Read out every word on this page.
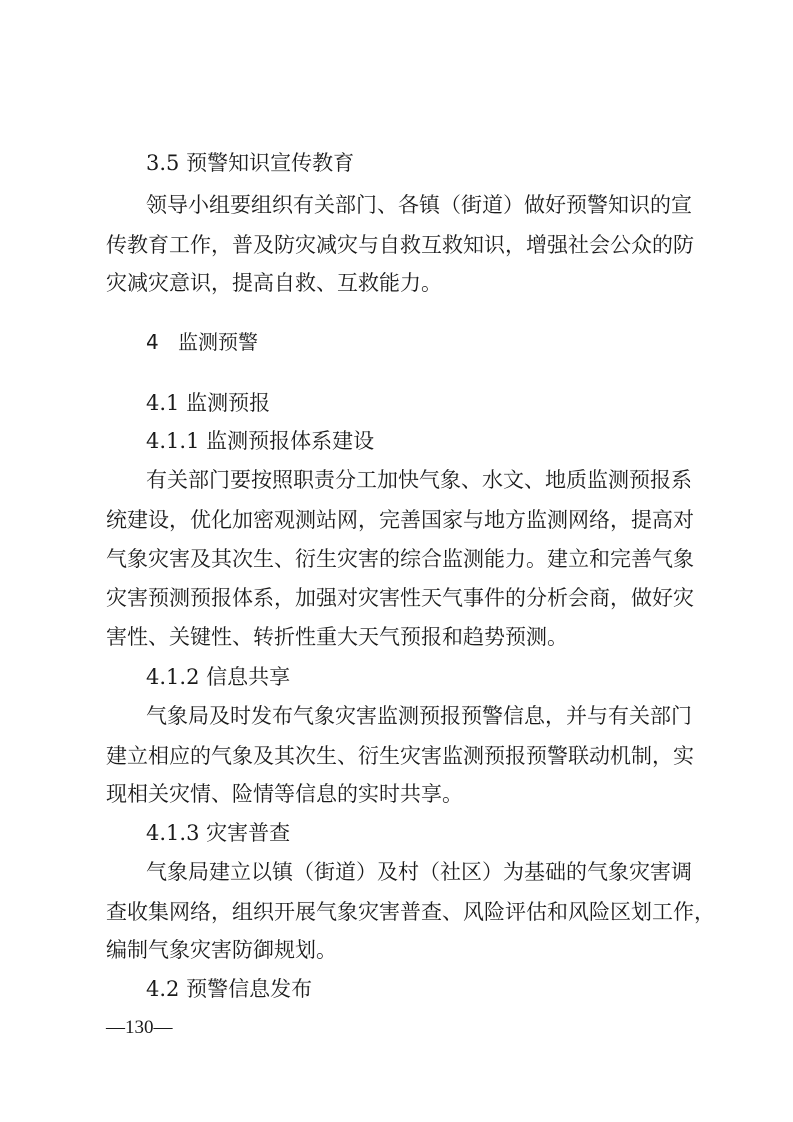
3.5 预警知识宣传教育

领导小组要组织有关部门、各镇（街道）做好预警知识的宣

传教育工作，普及防灾减灾与自救互救知识，增强社会公众的防

灾减灾意识，提高自救、互救能力。

4 监测预警

4.1 监测预报

4.1.1 监测预报体系建设

有关部门要按照职责分工加快气象、水文、地质监测预报系

统建设，优化加密观测站网，完善国家与地方监测网络，提高对

气象灾害及其次生、衍生灾害的综合监测能力。建立和完善气象

灾害预测预报体系，加强对灾害性天气事件的分析会商，做好灾

害性、关键性、转折性重大天气预报和趋势预测。

4.1.2 信息共享

气象局及时发布气象灾害监测预报预警信息，并与有关部门

建立相应的气象及其次生、衍生灾害监测预报预警联动机制，实

现相关灾情、险情等信息的实时共享。

4.1.3 灾害普查

气象局建立以镇（街道）及村（社区）为基础的气象灾害调

查收集网络，组织开展气象灾害普查、风险评估和风险区划工作，

编制气象灾害防御规划。

4.2 预警信息发布

—130—
